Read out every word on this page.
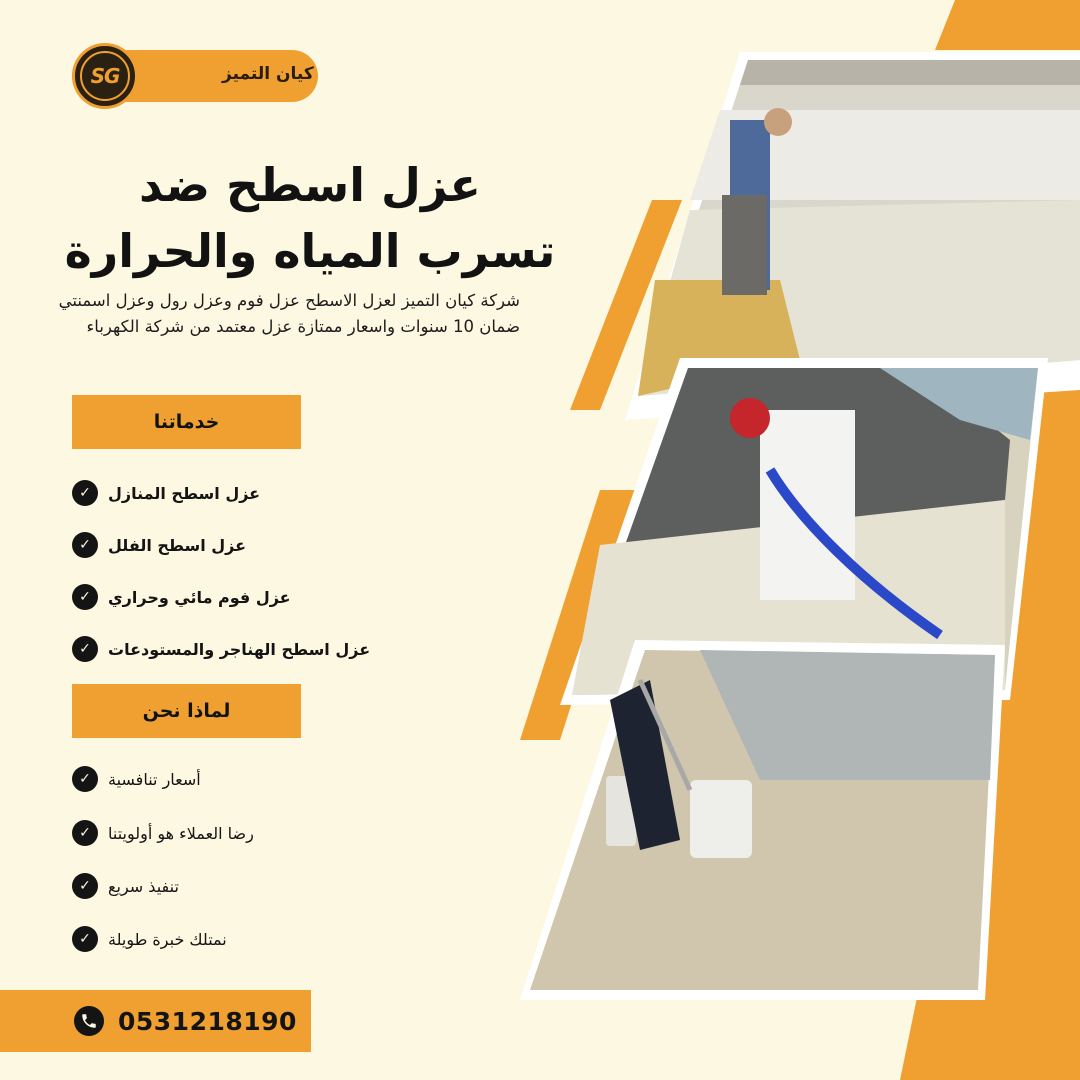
كيان التميز
SG
عزل اسطح ضد
تسرب المياه والحرارة
شركة كيان التميز لعزل الاسطح عزل فوم وعزل رول وعزل اسمنتي ضمان 10 سنوات واسعار ممتازة عزل معتمد من شركة الكهرباء
خدماتنا
✓	عزل اسطح المنازل
✓	عزل اسطح الفلل
✓	عزل فوم مائي وحراري
✓	عزل اسطح الهناجر والمستودعات
لماذا نحن
✓	أسعار تنافسية
✓	رضا العملاء هو أولويتنا
✓	تنفيذ سريع
✓	نمتلك خبرة طويلة
0531218190
